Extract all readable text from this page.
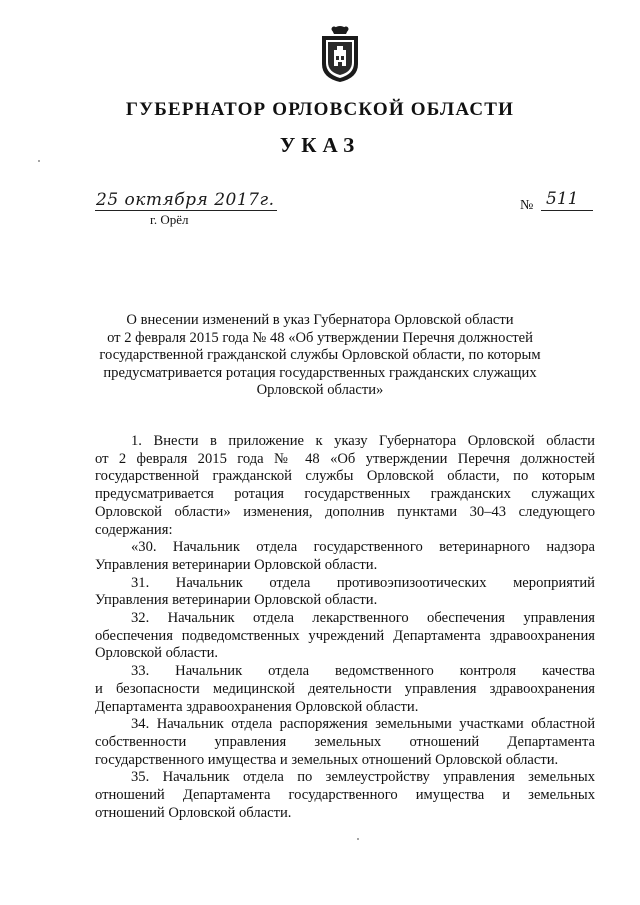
ГУБЕРНАТОР ОРЛОВСКОЙ ОБЛАСТИ
УКАЗ
25 октября 2017г.
г. Орёл
№ 511
О внесении изменений в указ Губернатора Орловской области
от 2 февраля 2015 года № 48 «Об утверждении Перечня должностей
государственной гражданской службы Орловской области, по которым
предусматривается ротация государственных гражданских служащих
Орловской области»
1. Внести в приложение к указу Губернатора Орловской области
от 2 февраля 2015 года № 48 «Об утверждении Перечня должностей
государственной гражданской службы Орловской области, по которым
предусматривается ротация государственных гражданских служащих
Орловской области» изменения, дополнив пунктами 30–43 следующего
содержания:
«30. Начальник отдела государственного ветеринарного надзора
Управления ветеринарии Орловской области.
31. Начальник отдела противоэпизоотических мероприятий
Управления ветеринарии Орловской области.
32. Начальник отдела лекарственного обеспечения управления
обеспечения подведомственных учреждений Департамента здравоохранения
Орловской области.
33. Начальник отдела ведомственного контроля качества
и безопасности медицинской деятельности управления здравоохранения
Департамента здравоохранения Орловской области.
34. Начальник отдела распоряжения земельными участками областной
собственности управления земельных отношений Департамента
государственного имущества и земельных отношений Орловской области.
35. Начальник отдела по землеустройству управления земельных
отношений Департамента государственного имущества и земельных
отношений Орловской области.
